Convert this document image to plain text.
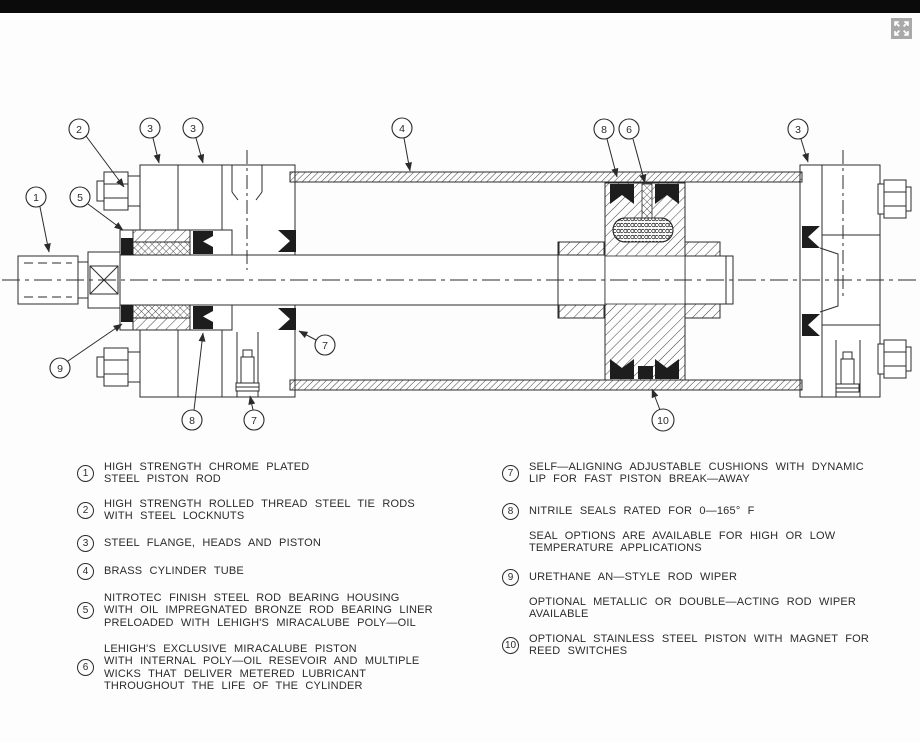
2	3	3	4	8 6	3
1	5
9
8	7
7
10
1
HIGH STRENGTH CHROME PLATED
STEEL PISTON ROD
2
HIGH STRENGTH ROLLED THREAD STEEL TIE RODS
WITH STEEL LOCKNUTS
3	STEEL FLANGE, HEADS AND PISTON
4	BRASS CYLINDER TUBE
5
NITROTEC FINISH STEEL ROD BEARING HOUSING
WITH OIL IMPREGNATED BRONZE ROD BEARING LINER
PRELOADED WITH LEHIGH'S MIRACALUBE POLY—OIL
6
LEHIGH'S EXCLUSIVE MIRACALUBE PISTON
WITH INTERNAL POLY—OIL RESEVOIR AND MULTIPLE
WICKS THAT DELIVER METERED LUBRICANT
THROUGHOUT THE LIFE OF THE CYLINDER
7
SELF—ALIGNING ADJUSTABLE CUSHIONS WITH DYNAMIC
LIP FOR FAST PISTON BREAK—AWAY
8	NITRILE SEALS RATED FOR 0—165° F
SEAL OPTIONS ARE AVAILABLE FOR HIGH OR LOW
TEMPERATURE APPLICATIONS
9	URETHANE AN—STYLE ROD WIPER
OPTIONAL METALLIC OR DOUBLE—ACTING ROD WIPER
AVAILABLE
10
OPTIONAL STAINLESS STEEL PISTON WITH MAGNET FOR
REED SWITCHES
